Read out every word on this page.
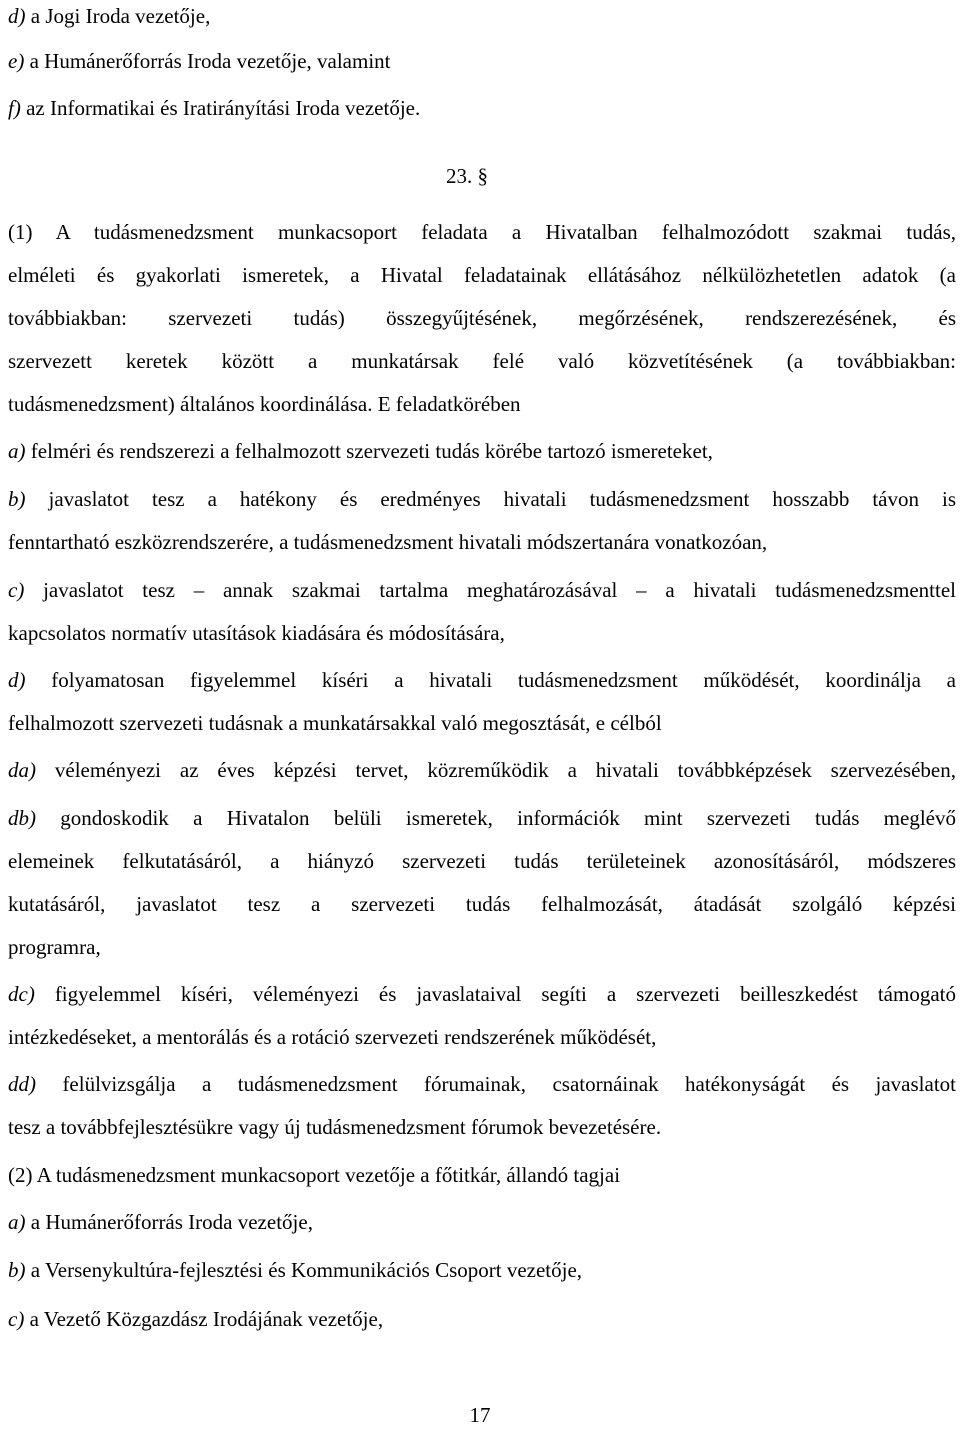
23. §

d) a Jogi Iroda vezetője,

e) a Humánerőforrás Iroda vezetője, valamint

f) az Informatikai és Iratirányítási Iroda vezetője.

(1) A tudásmenedzsment munkacsoport feladata a Hivatalban felhalmozódott szakmai tudás,

elméleti és gyakorlati ismeretek, a Hivatal feladatainak ellátásához nélkülözhetetlen adatok (a

továbbiakban: szervezeti tudás) összegyűjtésének, megőrzésének, rendszerezésének, és

szervezett keretek között a munkatársak felé való közvetítésének (a továbbiakban:

tudásmenedzsment) általános koordinálása. E feladatkörében

a) felméri és rendszerezi a felhalmozott szervezeti tudás körébe tartozó ismereteket,

b) javaslatot tesz a hatékony és eredményes hivatali tudásmenedzsment hosszabb távon is

fenntartható eszközrendszerére, a tudásmenedzsment hivatali módszertanára vonatkozóan,

c) javaslatot tesz – annak szakmai tartalma meghatározásával – a hivatali tudásmenedzsmenttel

kapcsolatos normatív utasítások kiadására és módosítására,

d) folyamatosan figyelemmel kíséri a hivatali tudásmenedzsment működését, koordinálja a

felhalmozott szervezeti tudásnak a munkatársakkal való megosztását, e célból

da) véleményezi az éves képzési tervet, közreműködik a hivatali továbbképzések szervezésében,

db) gondoskodik a Hivatalon belüli ismeretek, információk mint szervezeti tudás meglévő

elemeinek felkutatásáról, a hiányzó szervezeti tudás területeinek azonosításáról, módszeres

kutatásáról, javaslatot tesz a szervezeti tudás felhalmozását, átadását szolgáló képzési

programra,

dc) figyelemmel kíséri, véleményezi és javaslataival segíti a szervezeti beilleszkedést támogató

intézkedéseket, a mentorálás és a rotáció szervezeti rendszerének működését,

dd) felülvizsgálja a tudásmenedzsment fórumainak, csatornáinak hatékonyságát és javaslatot

tesz a továbbfejlesztésükre vagy új tudásmenedzsment fórumok bevezetésére.

(2) A tudásmenedzsment munkacsoport vezetője a főtitkár, állandó tagjai

a) a Humánerőforrás Iroda vezetője,

b) a Versenykultúra-fejlesztési és Kommunikációs Csoport vezetője,

c) a Vezető Közgazdász Irodájának vezetője,

17
